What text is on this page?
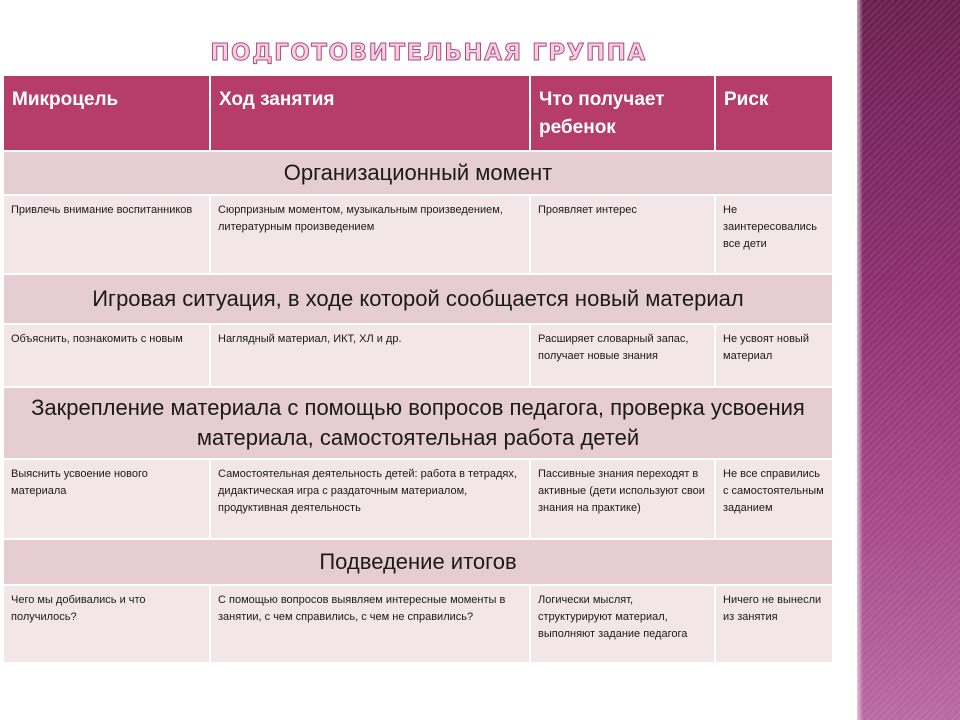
ПОДГОТОВИТЕЛЬНАЯ ГРУППА
Микроцель	Ход занятия	Что получает ребенок	Риск
Организационный момент			
Привлечь внимание воспитанников	Сюрпризным моментом, музыкальным произведением, литературным произведением	Проявляет интерес	Не заинтересовались все дети
Игровая ситуация, в ходе которой сообщается новый материал			
Объяснить, познакомить с новым	Наглядный материал, ИКТ, ХЛ и др.	Расширяет словарный запас, получает новые знания	Не усвоят новый материал
Закрепление материала с помощью вопросов педагога, проверка усвоения материала, самостоятельная работа детей			
Выяснить усвоение нового материала	Самостоятельная деятельность детей: работа в тетрадях, дидактическая игра с раздаточным материалом, продуктивная деятельность	Пассивные знания переходят в активные (дети используют свои знания на практике)	Не все справились с самостоятельным заданием
Подведение итогов			
Чего мы добивались и что получилось?	С помощью вопросов выявляем интересные моменты в занятии, с чем справились, с чем не справились?	Логически мыслят, структурируют материал, выполняют задание педагога	Ничего не вынесли из занятия
